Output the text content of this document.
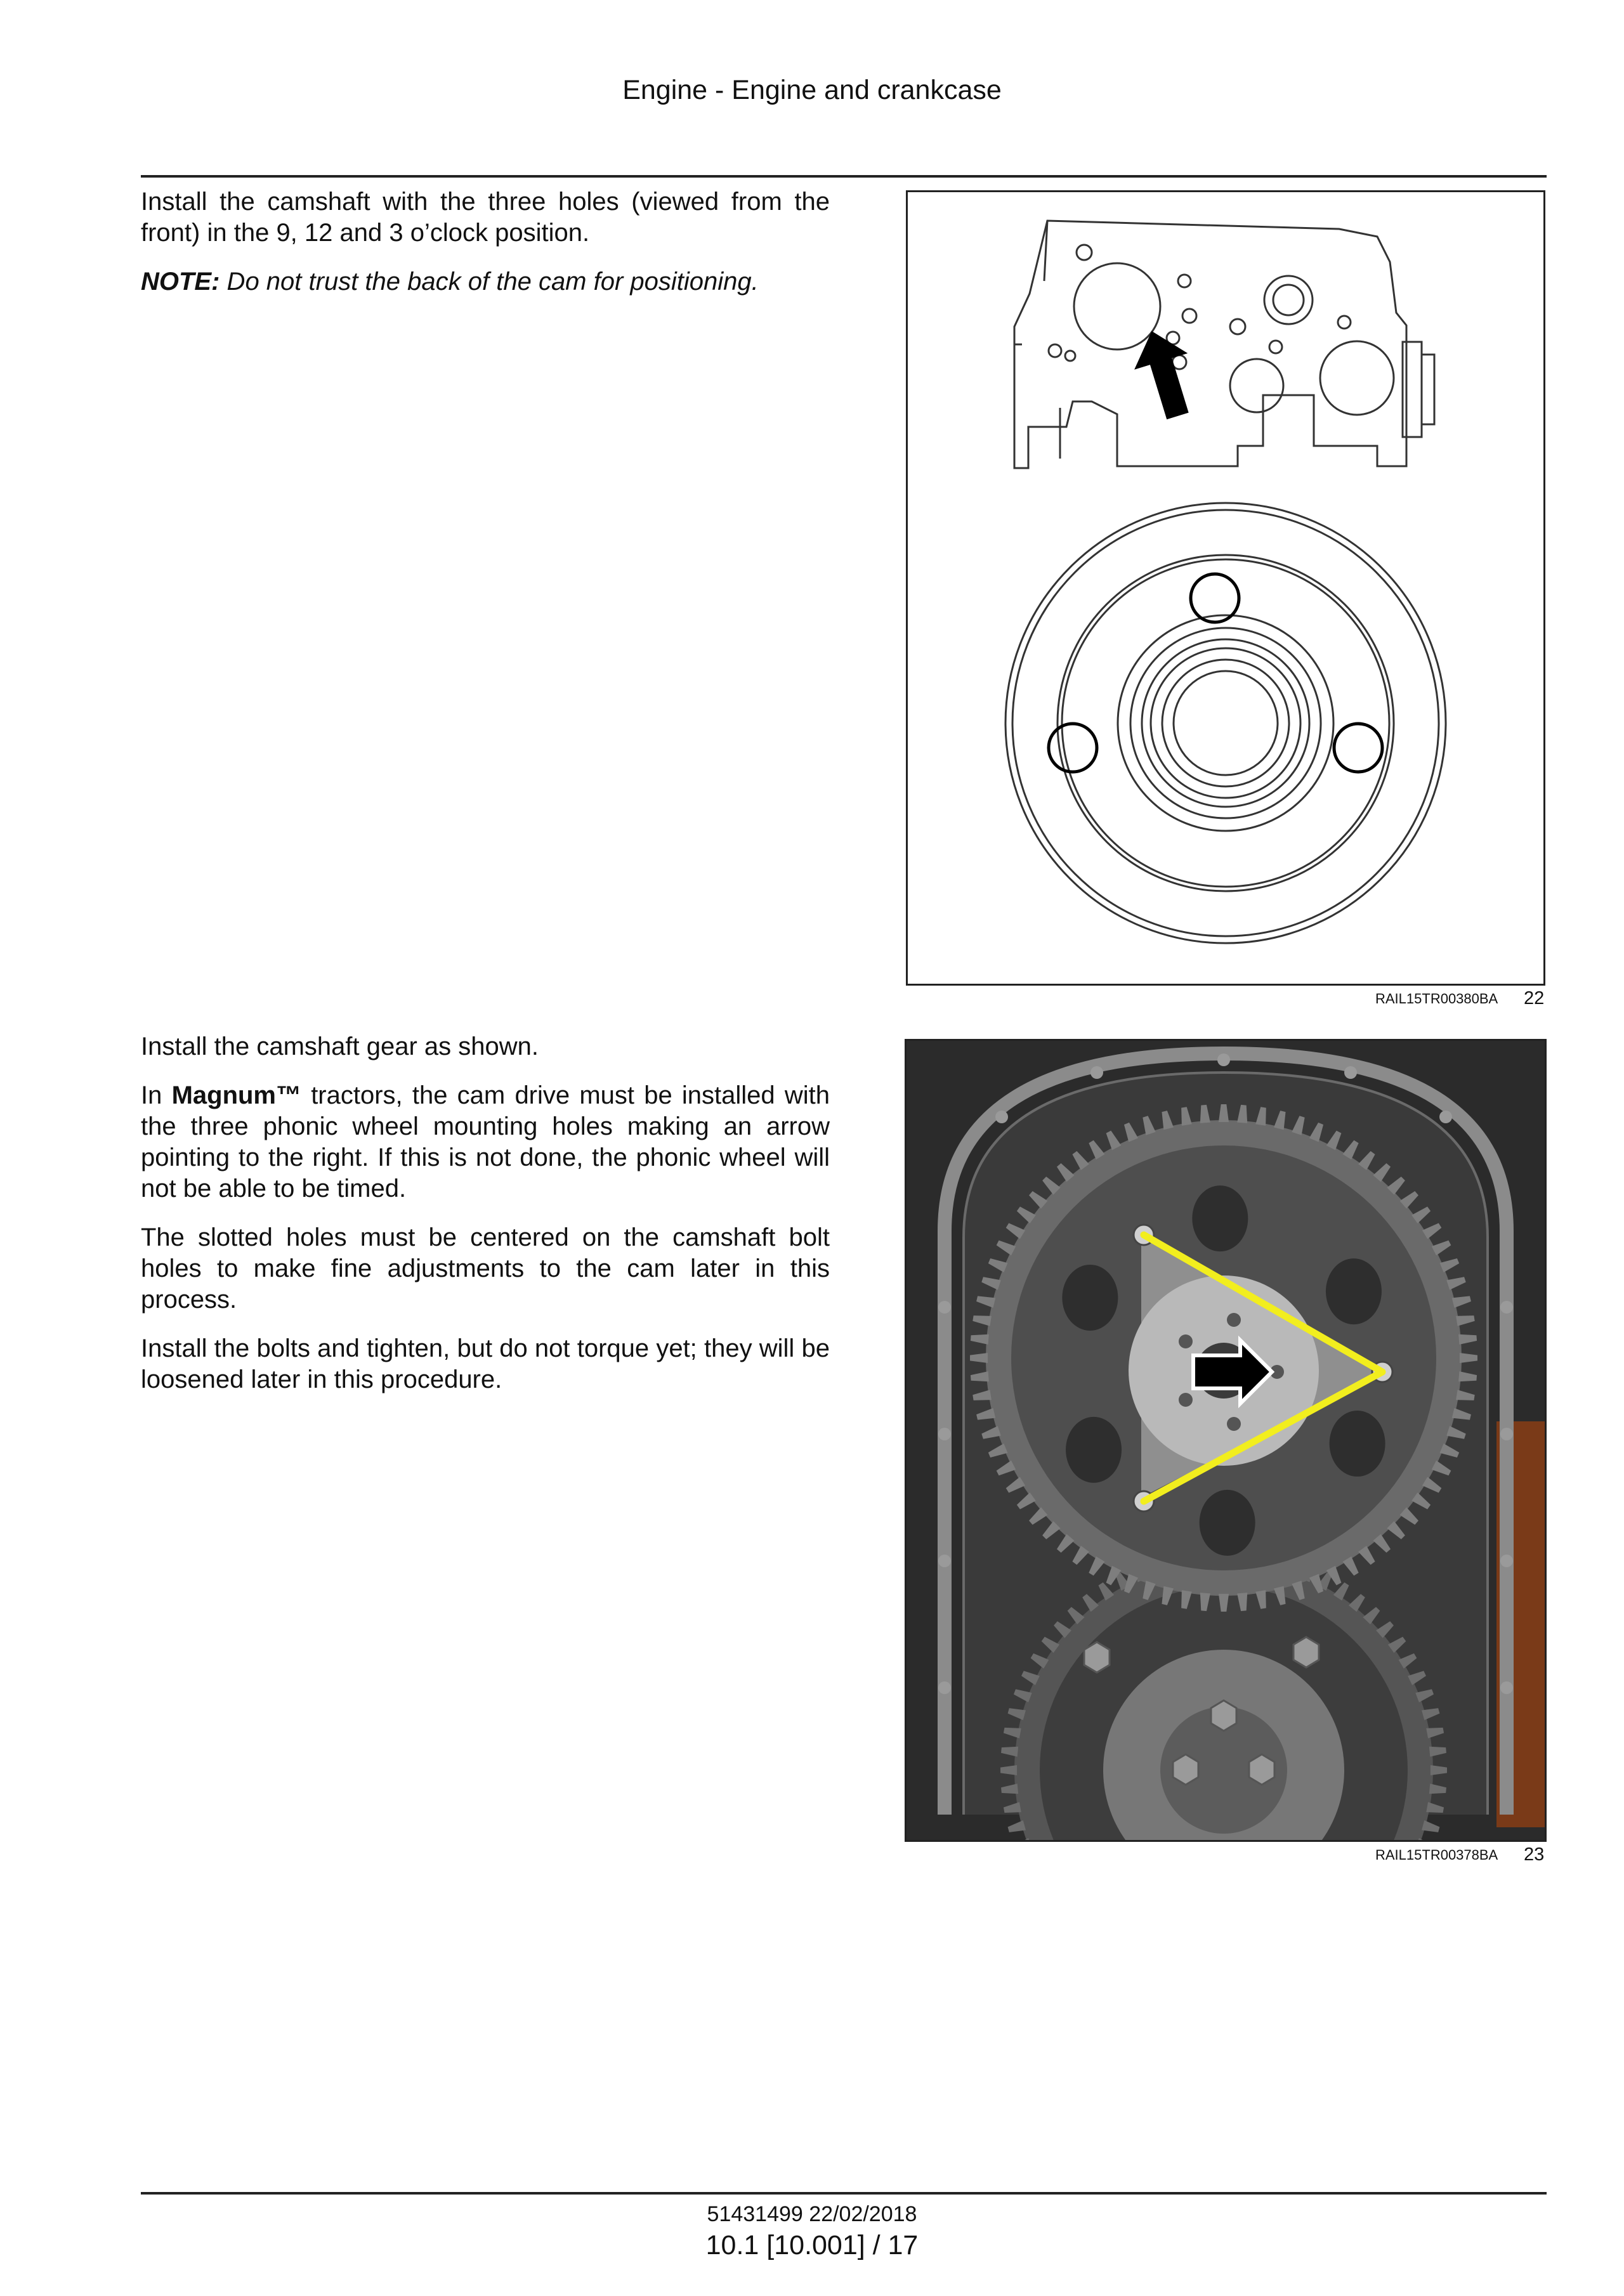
Engine - Engine and crankcase

Install the camshaft with the three holes (viewed from the front) in the 9, 12 and 3 o’clock position.

NOTE: Do not trust the back of the cam for positioning.

RAIL15TR00380BA 22

Install the camshaft gear as shown.

In Magnum™ tractors, the cam drive must be installed with the three phonic wheel mounting holes making an arrow pointing to the right. If this is not done, the phonic wheel will not be able to be timed.

The slotted holes must be centered on the camshaft bolt holes to make fine adjustments to the cam later in this process.

Install the bolts and tighten, but do not torque yet; they will be loosened later in this procedure.

RAIL15TR00378BA 23
51431499 22/02/2018
10.1 [10.001] / 17
